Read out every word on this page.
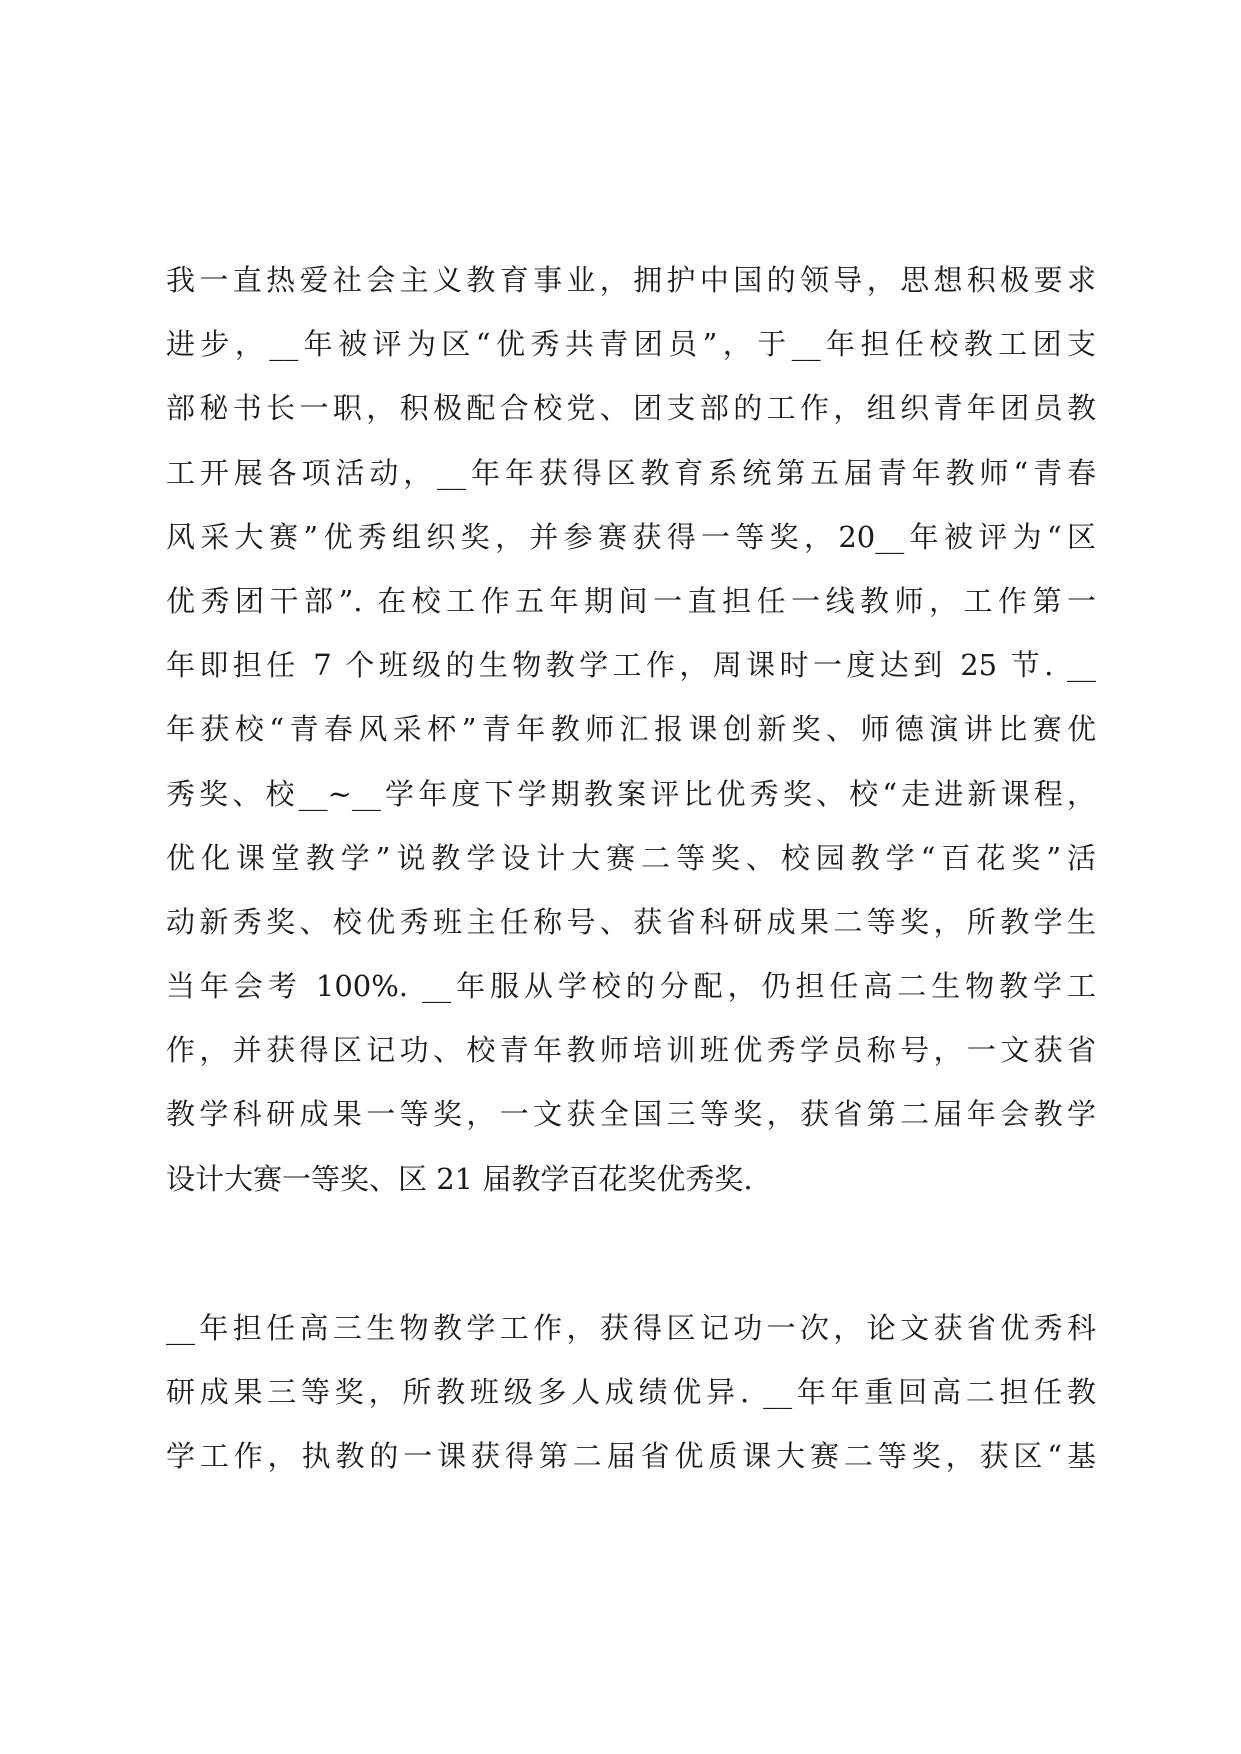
我一直热爱社会主义教育事业，拥护中国的领导，思想积极要求
进步，__年被评为区“优秀共青团员”，于__年担任校教工团支
部秘书长一职，积极配合校党、团支部的工作，组织青年团员教
工开展各项活动，__年年获得区教育系统第五届青年教师“青春
风采大赛”优秀组织奖，并参赛获得一等奖，20__年被评为“区
优秀团干部”. 在校工作五年期间一直担任一线教师，工作第一
年即担任 7 个班级的生物教学工作，周课时一度达到 25 节. __
年获校“青春风采杯”青年教师汇报课创新奖、师德演讲比赛优
秀奖、校__~__学年度下学期教案评比优秀奖、校“走进新课程，
优化课堂教学”说教学设计大赛二等奖、校园教学“百花奖”活
动新秀奖、校优秀班主任称号、获省科研成果二等奖，所教学生
当年会考 100%. __年服从学校的分配，仍担任高二生物教学工
作，并获得区记功、校青年教师培训班优秀学员称号，一文获省
教学科研成果一等奖，一文获全国三等奖，获省第二届年会教学
设计大赛一等奖、区 21 届教学百花奖优秀奖.
__年担任高三生物教学工作，获得区记功一次，论文获省优秀科
研成果三等奖，所教班级多人成绩优异. __年年重回高二担任教
学工作，执教的一课获得第二届省优质课大赛二等奖，获区“基
